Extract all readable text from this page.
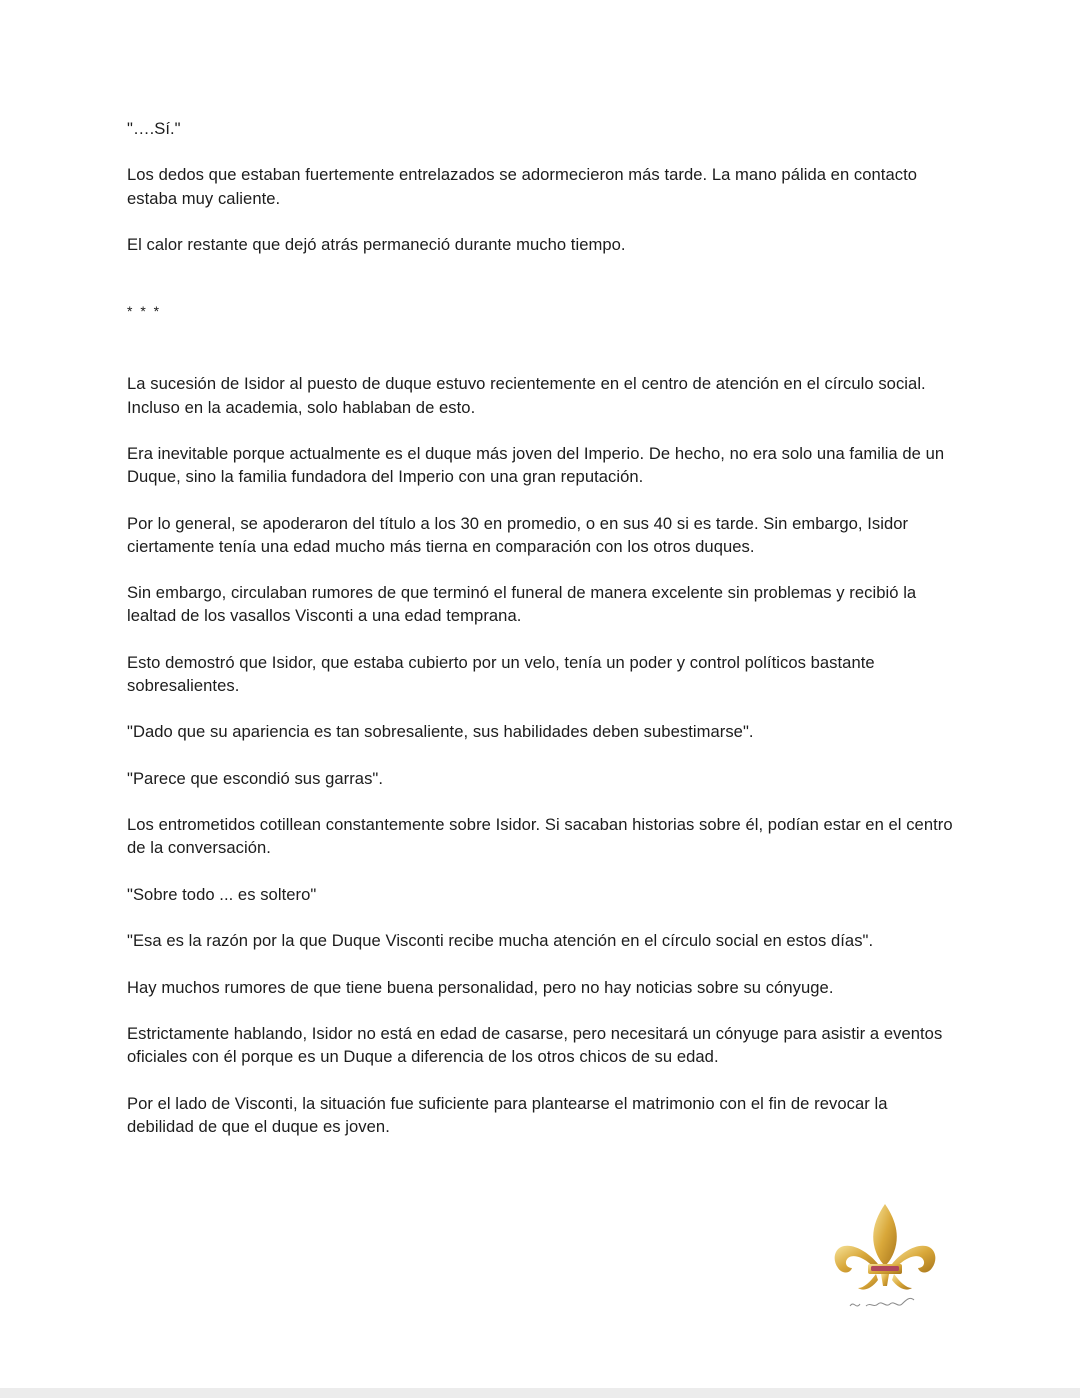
"….Sí."

Los dedos que estaban fuertemente entrelazados se adormecieron más tarde. La mano pálida en contacto estaba muy caliente.

El calor restante que dejó atrás permaneció durante mucho tiempo.

* * *

La sucesión de Isidor al puesto de duque estuvo recientemente en el centro de atención en el círculo social. Incluso en la academia, solo hablaban de esto.

Era inevitable porque actualmente es el duque más joven del Imperio. De hecho, no era solo una familia de un Duque, sino la familia fundadora del Imperio con una gran reputación.

Por lo general, se apoderaron del título a los 30 en promedio, o en sus 40 si es tarde. Sin embargo, Isidor ciertamente tenía una edad mucho más tierna en comparación con los otros duques.

Sin embargo, circulaban rumores de que terminó el funeral de manera excelente sin problemas y recibió la lealtad de los vasallos Visconti a una edad temprana.

Esto demostró que Isidor, que estaba cubierto por un velo, tenía un poder y control políticos bastante sobresalientes.

"Dado que su apariencia es tan sobresaliente, sus habilidades deben subestimarse".

"Parece que escondió sus garras".

Los entrometidos cotillean constantemente sobre Isidor. Si sacaban historias sobre él, podían estar en el centro de la conversación.

"Sobre todo ... es soltero"

"Esa es la razón por la que Duque Visconti recibe mucha atención en el círculo social en estos días".

Hay muchos rumores de que tiene buena personalidad, pero no hay noticias sobre su cónyuge.

Estrictamente hablando, Isidor no está en edad de casarse, pero necesitará un cónyuge para asistir a eventos oficiales con él porque es un Duque a diferencia de los otros chicos de su edad.

Por el lado de Visconti, la situación fue suficiente para plantearse el matrimonio con el fin de revocar la debilidad de que el duque es joven.
